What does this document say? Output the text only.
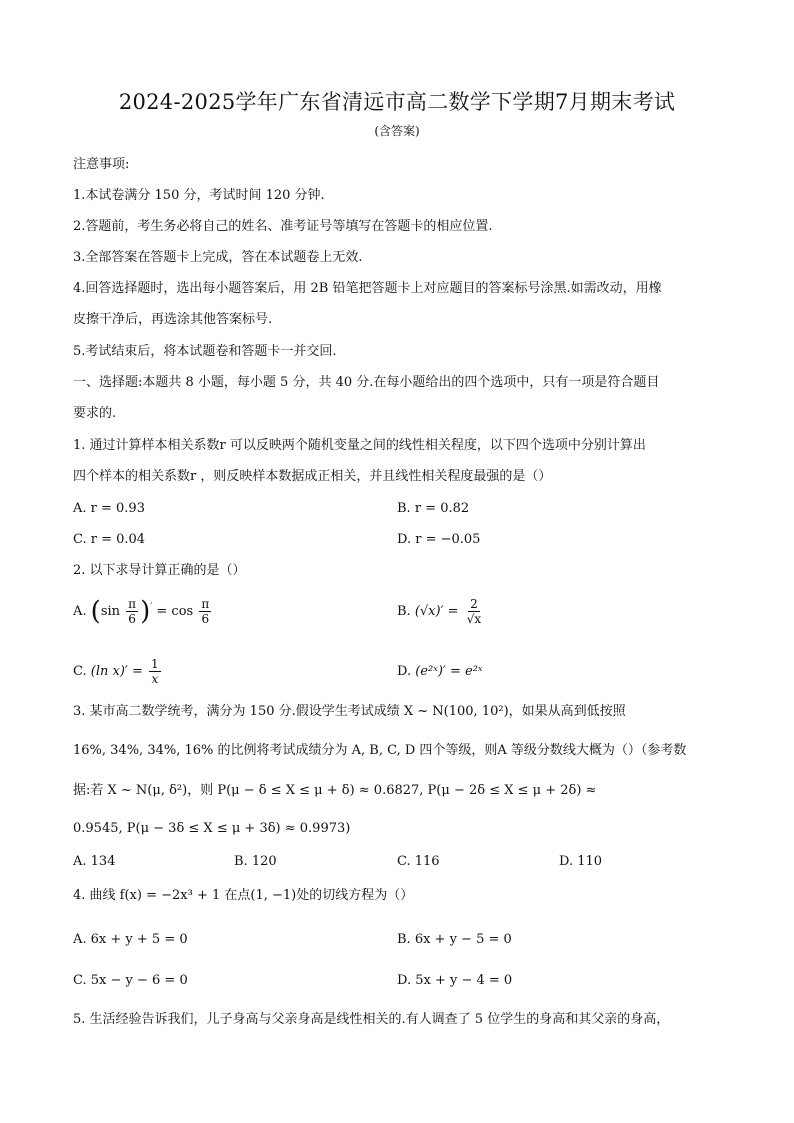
2024-2025学年广东省清远市高二数学下学期7月期末考试
(含答案)
注意事项:
1.本试卷满分 150 分，考试时间 120 分钟.
2.答题前，考生务必将自己的姓名、准考证号等填写在答题卡的相应位置.
3.全部答案在答题卡上完成，答在本试题卷上无效.
4.回答选择题时，选出每小题答案后，用 2B 铅笔把答题卡上对应题目的答案标号涂黑.如需改动，用橡
皮擦干净后，再选涂其他答案标号.
5.考试结束后，将本试题卷和答题卡一并交回.
一、选择题:本题共 8 小题，每小题 5 分，共 40 分.在每小题给出的四个选项中，只有一项是符合题目
要求的.
1. 通过计算样本相关系数r 可以反映两个随机变量之间的线性相关程度，以下四个选项中分别计算出
四个样本的相关系数r ，则反映样本数据成正相关，并且线性相关程度最强的是（）
A. r = 0.93	B. r = 0.82
C. r = 0.04	D. r = −0.05
2. 以下求导计算正确的是（）
A. $(\sin \frac{\pi}{6} )' = \cos \frac{\pi}{6}$	B. $(√x)' = \frac{2}{√x}$
C. (ln $x)' = \frac{1}{x}$	D. (e²ˣ)′ = e²ˣ
3. 某市高二数学统考，满分为 150 分.假设学生考试成绩 X ~ N(100, 10²)，如果从高到低按照
16%, 34%, 34%, 16% 的比例将考试成绩分为 A, B, C, D 四个等级，则A 等级分数线大概为（）（参考数
据:若 X ~ N(μ, δ²)，则 P(μ − δ ≤ X ≤ μ + δ) ≈ 0.6827, P(μ − 2δ ≤ X ≤ μ + 2δ) ≈
0.9545, P(μ − 3δ ≤ X ≤ μ + 3δ) ≈ 0.9973)
A. 134	B. 120	C. 116	D. 110
4. 曲线 f(x) = −2x³ + 1 在点(1, −1)处的切线方程为（）
A. 6x + y + 5 = 0	B. 6x + y − 5 = 0
C. 5x − y − 6 = 0	D. 5x + y − 4 = 0
5. 生活经验告诉我们，儿子身高与父亲身高是线性相关的.有人调查了 5 位学生的身高和其父亲的身高，
